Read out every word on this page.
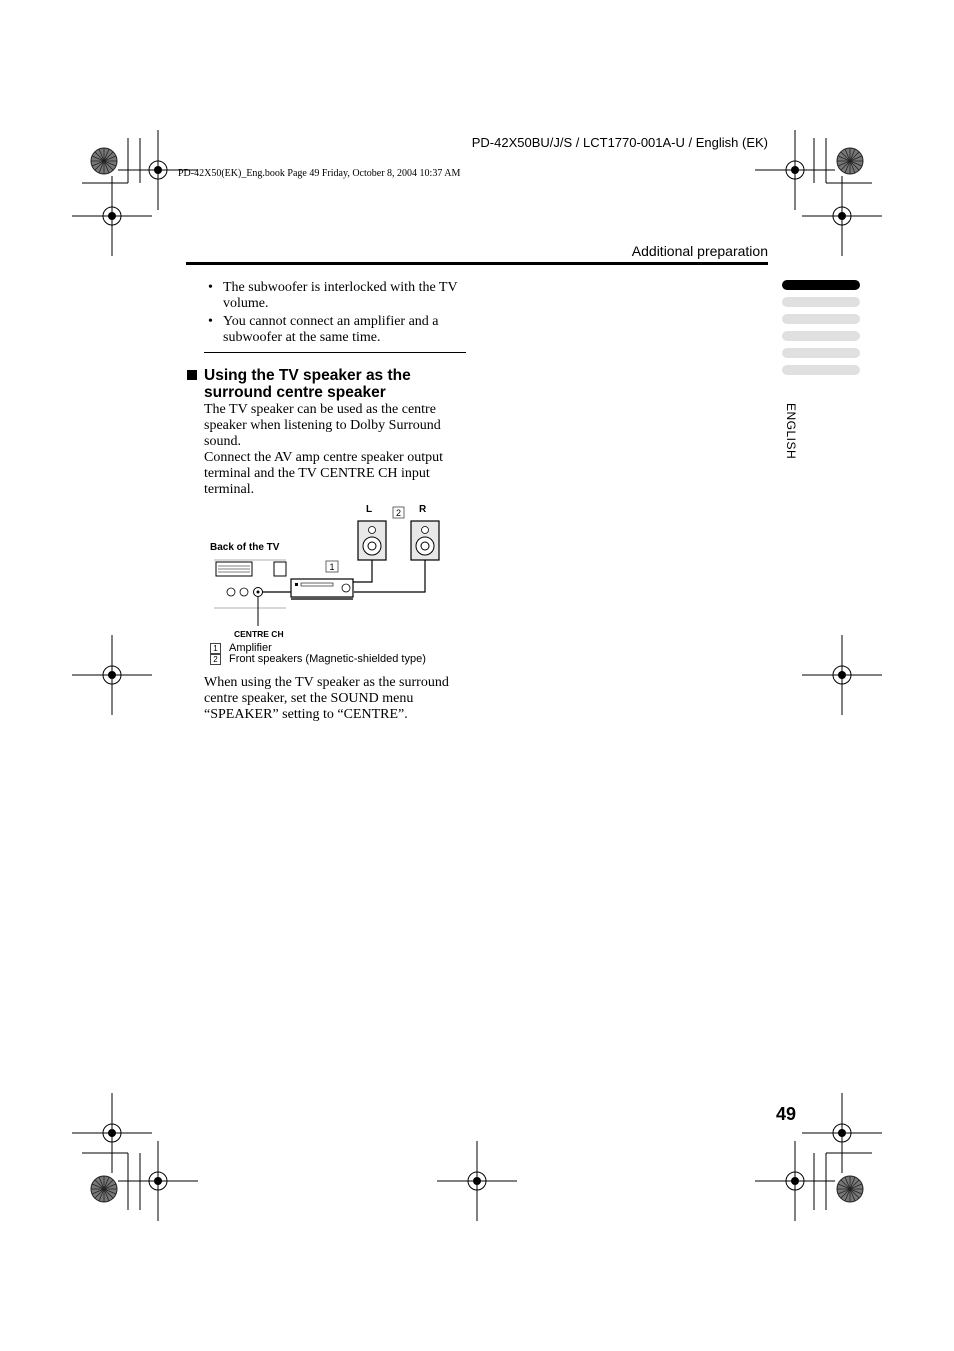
PD-42X50BU/J/S / LCT1770-001A-U / English (EK)
PD-42X50(EK)_Eng.book Page 49 Friday, October 8, 2004 10:37 AM
Additional preparation
• The subwoofer is interlocked with the TV volume.
• You cannot connect an amplifier and a subwoofer at the same time.
Using the TV speaker as the surround centre speaker

The TV speaker can be used as the centre speaker when listening to Dolby Surround sound.

Connect the AV amp centre speaker output terminal and the TV CENTRE CH input terminal.

L	R
2
Back of the TV
1
CENTRE CH
1 Amplifier
2 Front speakers (Magnetic-shielded type)

When using the TV speaker as the surround centre speaker, set the SOUND menu “SPEAKER” setting to “CENTRE”.

ENGLISH
49
